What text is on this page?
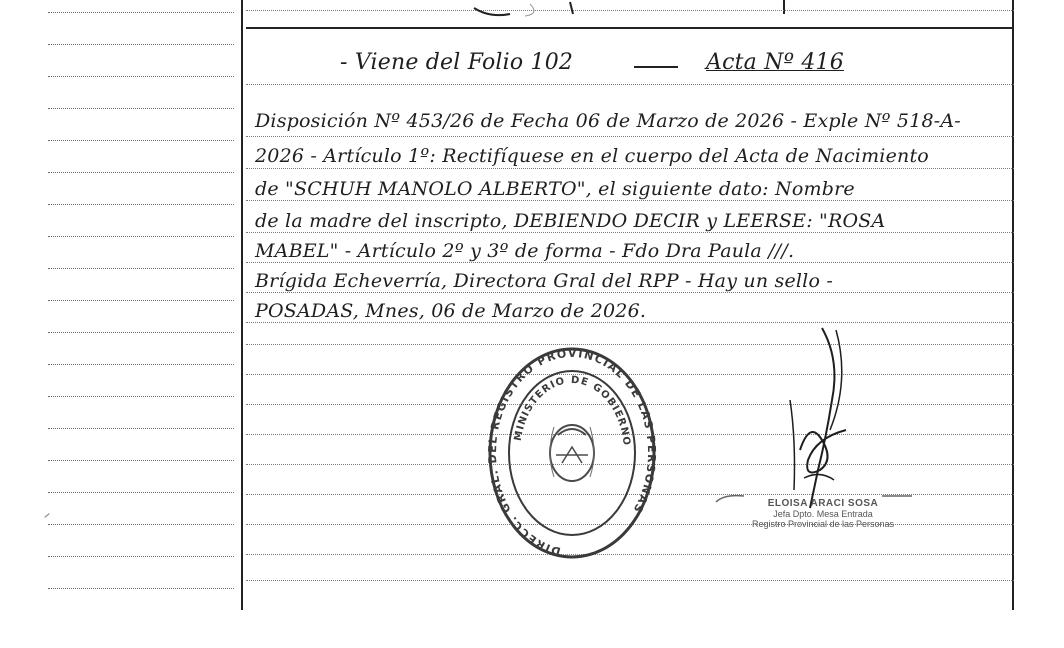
- Viene del Folio 102	Acta Nº 416
Disposición Nº 453/26 de Fecha 06 de Marzo de 2026 - Exple Nº 518-A-
2026 - Artículo 1º: Rectifíquese en el cuerpo del Acta de Nacimiento
de "SCHUH MANOLO ALBERTO", el siguiente dato: Nombre
de la madre del inscripto, DEBIENDO DECIR y LEERSE: "ROSA
MABEL" - Artículo 2º y 3º de forma - Fdo Dra Paula ///.
Brígida Echeverría, Directora Gral del RPP - Hay un sello -
POSADAS, Mnes, 06 de Marzo de 2026.
DIRECC. GRAL. DEL REGISTRO PROVINCIAL DE LAS PERSONAS
MINISTERIO DE GOBIERNO
ELOISA ARACI SOSA
Jefa Dpto. Mesa Entrada
Registro Provincial de las Personas
